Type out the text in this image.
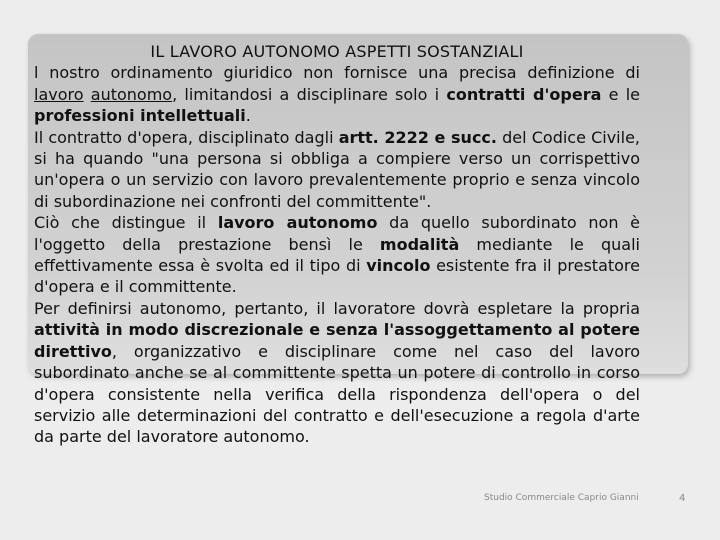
IL LAVORO AUTONOMO ASPETTI SOSTANZIALI

l nostro ordinamento giuridico non fornisce una precisa definizione di lavoro autonomo, limitandosi a disciplinare solo i contratti d'opera e le professioni intellettuali.

Il contratto d'opera, disciplinato dagli artt. 2222 e succ. del Codice Civile, si ha quando "una persona si obbliga a compiere verso un corrispettivo un'opera o un servizio con lavoro prevalentemente proprio e senza vincolo di subordinazione nei confronti del committente".

Ciò che distingue il lavoro autonomo da quello subordinato non è l'oggetto della prestazione bensì le modalità mediante le quali effettivamente essa è svolta ed il tipo di vincolo esistente fra il prestatore d'opera e il committente.

Per definirsi autonomo, pertanto, il lavoratore dovrà espletare la propria attività in modo discrezionale e senza l'assoggettamento al potere direttivo, organizzativo e disciplinare come nel caso del lavoro subordinato anche se al committente spetta un potere di controllo in corso d'opera consistente nella verifica della rispondenza dell'opera o del servizio alle determinazioni del contratto e dell'esecuzione a regola d'arte da parte del lavoratore autonomo.

Studio Commerciale Caprio Gianni	4
